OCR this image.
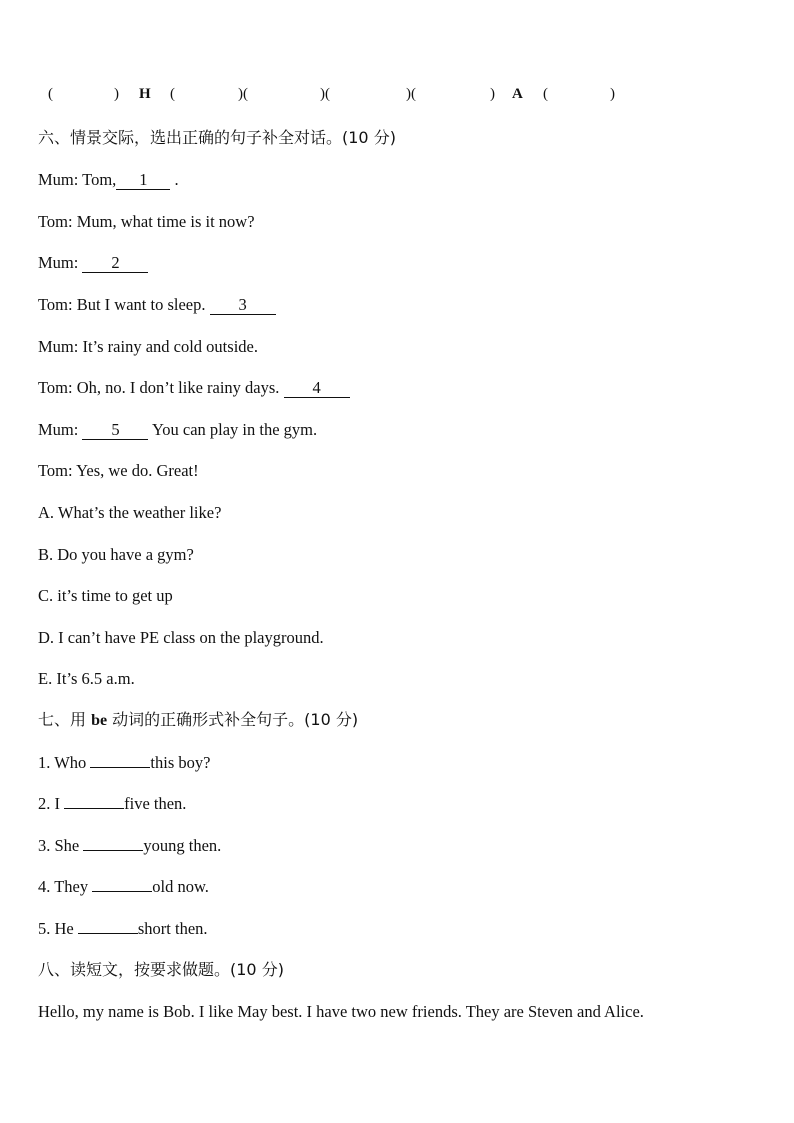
(	) H (	)(	)(	)(	) A (	)
六、情景交际，选出正确的句子补全对话。(10 分)
Mum: Tom, 1 .
Tom: Mum, what time is it now?
Mum: 2
Tom: But I want to sleep. 3
Mum: It’s rainy and cold outside.
Tom: Oh, no. I don’t like rainy days. 4
Mum: 5 You can play in the gym.
Tom: Yes, we do. Great!
A. What’s the weather like?
B. Do you have a gym?
C. it’s time to get up
D. I can’t have PE class on the playground.
E. It’s 6.5 a.m.
七、用 be 动词的正确形式补全句子。(10 分)
1. Who	this boy?
2. I	five then.
3. She	young then.
4. They	old now.
5. He	short then.
八、读短文，按要求做题。(10 分)
Hello, my name is Bob. I like May best. I have two new friends. They are Steven and Alice.
